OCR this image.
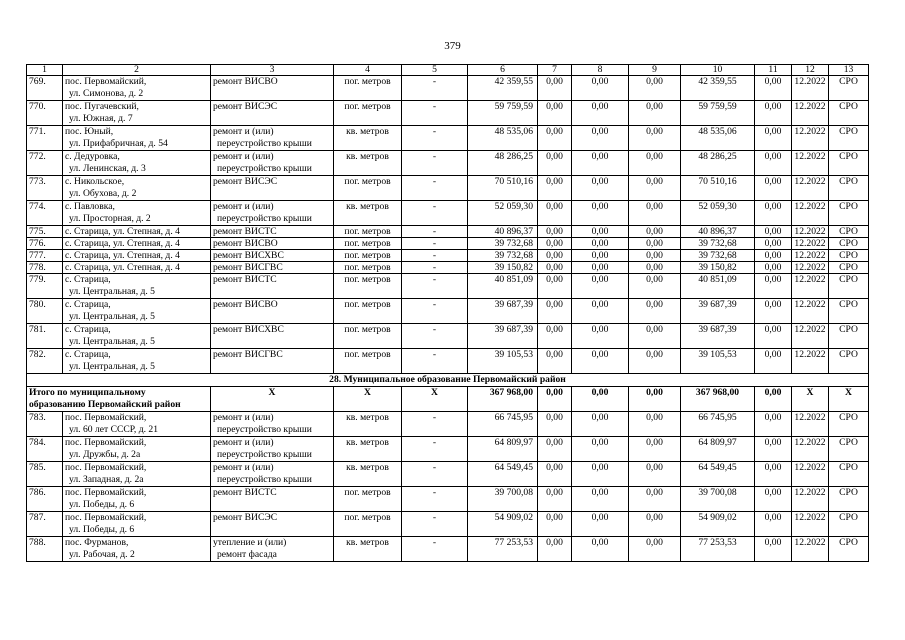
379
1	2	3	4	5	6	7	8	9	10	11	12	13
769.	пос. Первомайский,
ул. Симонова, д. 2	ремонт ВИСВО	пог. метров	-	42 359,55	0,00	0,00	0,00	42 359,55	0,00	12.2022	СРО
770.	пос. Пугачевский,
ул. Южная, д. 7	ремонт ВИСЭС	пог. метров	-	59 759,59	0,00	0,00	0,00	59 759,59	0,00	12.2022	СРО
771.	пос. Юный,
ул. Прифабричная, д. 54	ремонт и (или)
переустройство крыши	кв. метров	-	48 535,06	0,00	0,00	0,00	48 535,06	0,00	12.2022	СРО
772.	с. Дедуровка,
ул. Ленинская, д. 3	ремонт и (или)
переустройство крыши	кв. метров	-	48 286,25	0,00	0,00	0,00	48 286,25	0,00	12.2022	СРО
773.	с. Никольское,
ул. Обухова, д. 2	ремонт ВИСЭС	пог. метров	-	70 510,16	0,00	0,00	0,00	70 510,16	0,00	12.2022	СРО
774.	с. Павловка,
ул. Просторная, д. 2	ремонт и (или)
переустройство крыши	кв. метров	-	52 059,30	0,00	0,00	0,00	52 059,30	0,00	12.2022	СРО
775.	с. Старица, ул. Степная, д. 4	ремонт ВИСТС	пог. метров	-	40 896,37	0,00	0,00	0,00	40 896,37	0,00	12.2022	СРО
776.	с. Старица, ул. Степная, д. 4	ремонт ВИСВО	пог. метров	-	39 732,68	0,00	0,00	0,00	39 732,68	0,00	12.2022	СРО
777.	с. Старица, ул. Степная, д. 4	ремонт ВИСХВС	пог. метров	-	39 732,68	0,00	0,00	0,00	39 732,68	0,00	12.2022	СРО
778.	с. Старица, ул. Степная, д. 4	ремонт ВИСГВС	пог. метров	-	39 150,82	0,00	0,00	0,00	39 150,82	0,00	12.2022	СРО
779.	с. Старица,
ул. Центральная, д. 5	ремонт ВИСТС	пог. метров	-	40 851,09	0,00	0,00	0,00	40 851,09	0,00	12.2022	СРО
780.	с. Старица,
ул. Центральная, д. 5	ремонт ВИСВО	пог. метров	-	39 687,39	0,00	0,00	0,00	39 687,39	0,00	12.2022	СРО
781.	с. Старица,
ул. Центральная, д. 5	ремонт ВИСХВС	пог. метров	-	39 687,39	0,00	0,00	0,00	39 687,39	0,00	12.2022	СРО
782.	с. Старица,
ул. Центральная, д. 5	ремонт ВИСГВС	пог. метров	-	39 105,53	0,00	0,00	0,00	39 105,53	0,00	12.2022	СРО
28. Муниципальное образование Первомайский район												

Итого по муниципальному
образованию Первомайский район		X	X	X	367 968,00	0,00	0,00	0,00	367 968,00	0,00	X	X
783.	пос. Первомайский,
ул. 60 лет СССР, д. 21	ремонт и (или)
переустройство крыши	кв. метров	-	66 745,95	0,00	0,00	0,00	66 745,95	0,00	12.2022	СРО
784.	пос. Первомайский,
ул. Дружбы, д. 2а	ремонт и (или)
переустройство крыши	кв. метров	-	64 809,97	0,00	0,00	0,00	64 809,97	0,00	12.2022	СРО
785.	пос. Первомайский,
ул. Западная, д. 2а	ремонт и (или)
переустройство крыши	кв. метров	-	64 549,45	0,00	0,00	0,00	64 549,45	0,00	12.2022	СРО
786.	пос. Первомайский,
ул. Победы, д. 6	ремонт ВИСТС	пог. метров	-	39 700,08	0,00	0,00	0,00	39 700,08	0,00	12.2022	СРО
787.	пос. Первомайский,
ул. Победы, д. 6	ремонт ВИСЭС	пог. метров	-	54 909,02	0,00	0,00	0,00	54 909,02	0,00	12.2022	СРО
788.	пос. Фурманов,
ул. Рабочая, д. 2	утепление и (или)
ремонт фасада	кв. метров	-	77 253,53	0,00	0,00	0,00	77 253,53	0,00	12.2022	СРО
